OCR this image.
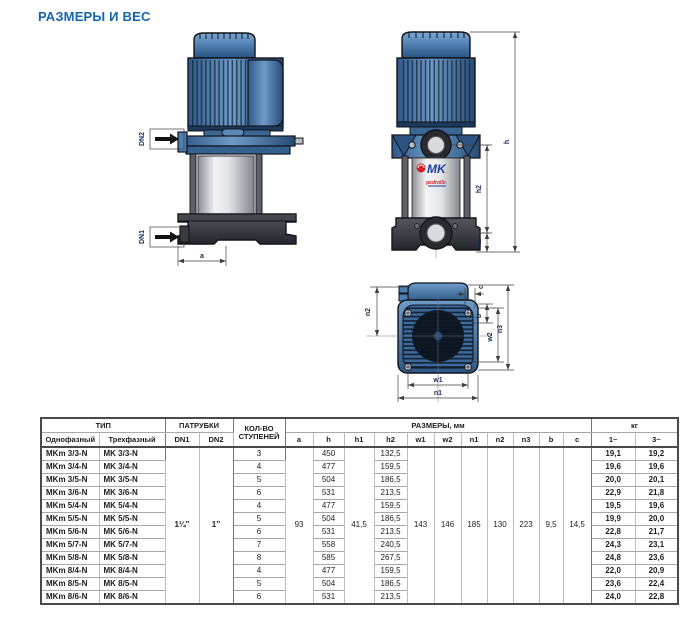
РАЗМЕРЫ И ВЕС
DN2
DN1
a
MK
pedrollo
h
h2
h1
n2
c
b
w2
n3
w1
n1
ТИП		ПАТРУБКИ		КОЛ-ВО
СТУПЕНЕЙ	РАЗМЕРЫ, мм											кг	
Однофазный	Трехфазный	DN1	DN2		a	h	h1	h2	w1	w2	n1	n2	n3	b	c	1~	3~
MKm 3/3-N	MK 3/3-N	1¼”	1”	3	93	450	41,5	132,5	143	146	185	130	223	9,5	14,5	19,1	19,2
MKm 3/4-N	MK 3/4-N			4		477		159,5								19,6	19,6
MKm 3/5-N	MK 3/5-N			5		504		186,5								20,0	20,1
MKm 3/6-N	MK 3/6-N			6		531		213,5								22,9	21,8
MKm 5/4-N	MK 5/4-N			4		477		159,5								19,5	19,6
MKm 5/5-N	MK 5/5-N			5		504		186,5								19,9	20,0
MKm 5/6-N	MK 5/6-N			6		531		213,5								22,8	21,7
MKm 5/7-N	MK 5/7-N			7		558		240,5								24,3	23,1
MKm 5/8-N	MK 5/8-N			8		585		267,5								24,8	23,6
MKm 8/4-N	MK 8/4-N			4		477		159,5								22,0	20,9
MKm 8/5-N	MK 8/5-N			5		504		186,5								23,6	22,4
MKm 8/6-N	MK 8/6-N			6		531		213,5								24,0	22,8
